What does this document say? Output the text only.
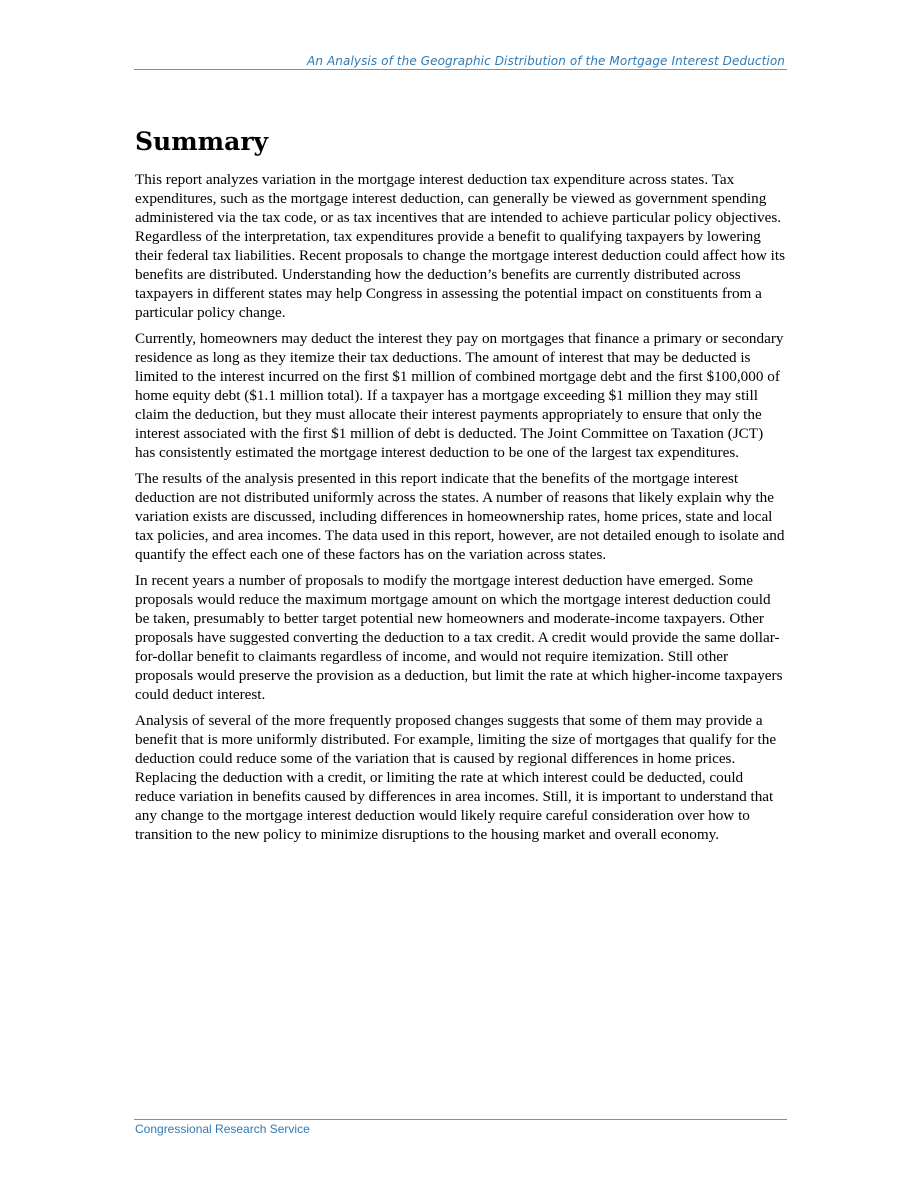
An Analysis of the Geographic Distribution of the Mortgage Interest Deduction
Summary

This report analyzes variation in the mortgage interest deduction tax expenditure across states. Tax expenditures, such as the mortgage interest deduction, can generally be viewed as government spending administered via the tax code, or as tax incentives that are intended to achieve particular policy objectives. Regardless of the interpretation, tax expenditures provide a benefit to qualifying taxpayers by lowering their federal tax liabilities. Recent proposals to change the mortgage interest deduction could affect how its benefits are distributed. Understanding how the deduction’s benefits are currently distributed across taxpayers in different states may help Congress in assessing the potential impact on constituents from a particular policy change.

Currently, homeowners may deduct the interest they pay on mortgages that finance a primary or secondary residence as long as they itemize their tax deductions. The amount of interest that may be deducted is limited to the interest incurred on the first $1 million of combined mortgage debt and the first $100,000 of home equity debt ($1.1 million total). If a taxpayer has a mortgage exceeding $1 million they may still claim the deduction, but they must allocate their interest payments appropriately to ensure that only the interest associated with the first $1 million of debt is deducted. The Joint Committee on Taxation (JCT) has consistently estimated the mortgage interest deduction to be one of the largest tax expenditures.

The results of the analysis presented in this report indicate that the benefits of the mortgage interest deduction are not distributed uniformly across the states. A number of reasons that likely explain why the variation exists are discussed, including differences in homeownership rates, home prices, state and local tax policies, and area incomes. The data used in this report, however, are not detailed enough to isolate and quantify the effect each one of these factors has on the variation across states.

In recent years a number of proposals to modify the mortgage interest deduction have emerged. Some proposals would reduce the maximum mortgage amount on which the mortgage interest deduction could be taken, presumably to better target potential new homeowners and moderate-income taxpayers. Other proposals have suggested converting the deduction to a tax credit. A credit would provide the same dollar-for-dollar benefit to claimants regardless of income, and would not require itemization. Still other proposals would preserve the provision as a deduction, but limit the rate at which higher-income taxpayers could deduct interest.

Analysis of several of the more frequently proposed changes suggests that some of them may provide a benefit that is more uniformly distributed. For example, limiting the size of mortgages that qualify for the deduction could reduce some of the variation that is caused by regional differences in home prices. Replacing the deduction with a credit, or limiting the rate at which interest could be deducted, could reduce variation in benefits caused by differences in area incomes. Still, it is important to understand that any change to the mortgage interest deduction would likely require careful consideration over how to transition to the new policy to minimize disruptions to the housing market and overall economy.

Congressional Research Service
